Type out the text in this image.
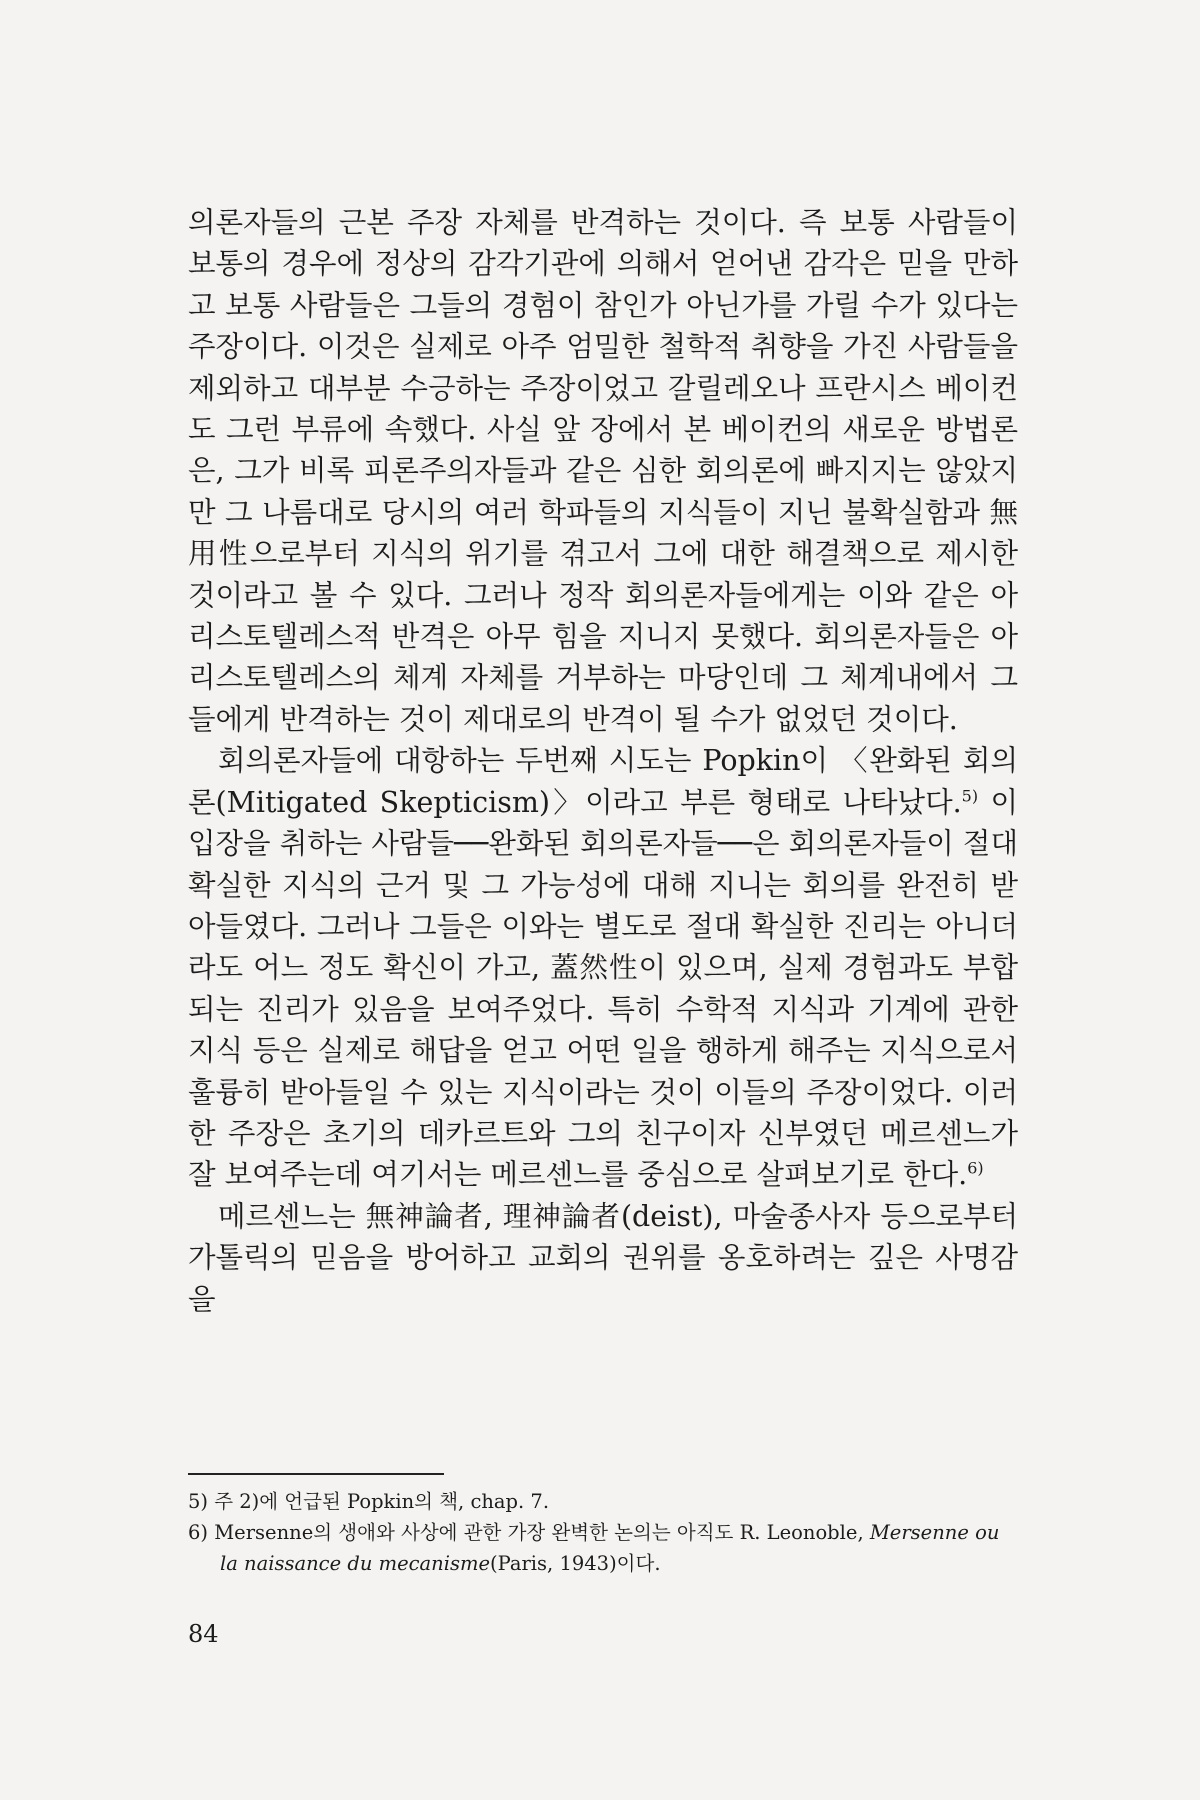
의론자들의 근본 주장 자체를 반격하는 것이다. 즉 보통 사람들이 보통의 경우에 정상의 감각기관에 의해서 얻어낸 감각은 믿을 만하고 보통 사람들은 그들의 경험이 참인가 아닌가를 가릴 수가 있다는 주장이다. 이것은 실제로 아주 엄밀한 철학적 취향을 가진 사람들을 제외하고 대부분 수긍하는 주장이었고 갈릴레오나 프란시스 베이컨도 그런 부류에 속했다. 사실 앞 장에서 본 베이컨의 새로운 방법론은, 그가 비록 피론주의자들과 같은 심한 회의론에 빠지지는 않았지만 그 나름대로 당시의 여러 학파들의 지식들이 지닌 불확실함과 無用性으로부터 지식의 위기를 겪고서 그에 대한 해결책으로 제시한 것이라고 볼 수 있다. 그러나 정작 회의론자들에게는 이와 같은 아리스토텔레스적 반격은 아무 힘을 지니지 못했다. 회의론자들은 아리스토텔레스의 체계 자체를 거부하는 마당인데 그 체계내에서 그들에게 반격하는 것이 제대로의 반격이 될 수가 없었던 것이다.

회의론자들에 대항하는 두번째 시도는 Popkin이 〈완화된 회의론(Mitigated Skepticism)〉이라고 부른 형태로 나타났다.$^{5)}$ 이 입장을 취하는 사람들──완화된 회의론자들──은 회의론자들이 절대 확실한 지식의 근거 및 그 가능성에 대해 지니는 회의를 완전히 받아들였다. 그러나 그들은 이와는 별도로 절대 확실한 진리는 아니더라도 어느 정도 확신이 가고, 蓋然性이 있으며, 실제 경험과도 부합되는 진리가 있음을 보여주었다. 특히 수학적 지식과 기계에 관한 지식 등은 실제로 해답을 얻고 어떤 일을 행하게 해주는 지식으로서 훌륭히 받아들일 수 있는 지식이라는 것이 이들의 주장이었다. 이러한 주장은 초기의 데카르트와 그의 친구이자 신부였던 메르센느가 잘 보여주는데 여기서는 메르센느를 중심으로 살펴보기로 한다.$^{6)}$

메르센느는 無神論者, 理神論者(deist), 마술종사자 등으로부터 가톨릭의 믿음을 방어하고 교회의 권위를 옹호하려는 깊은 사명감을

5) 주 2)에 언급된 Popkin의 책, chap. 7.

6) Mersenne의 생애와 사상에 관한 가장 완벽한 논의는 아직도 R. Leonoble, Mersenne ou la naissance du mecanisme(Paris, 1943)이다.

84
